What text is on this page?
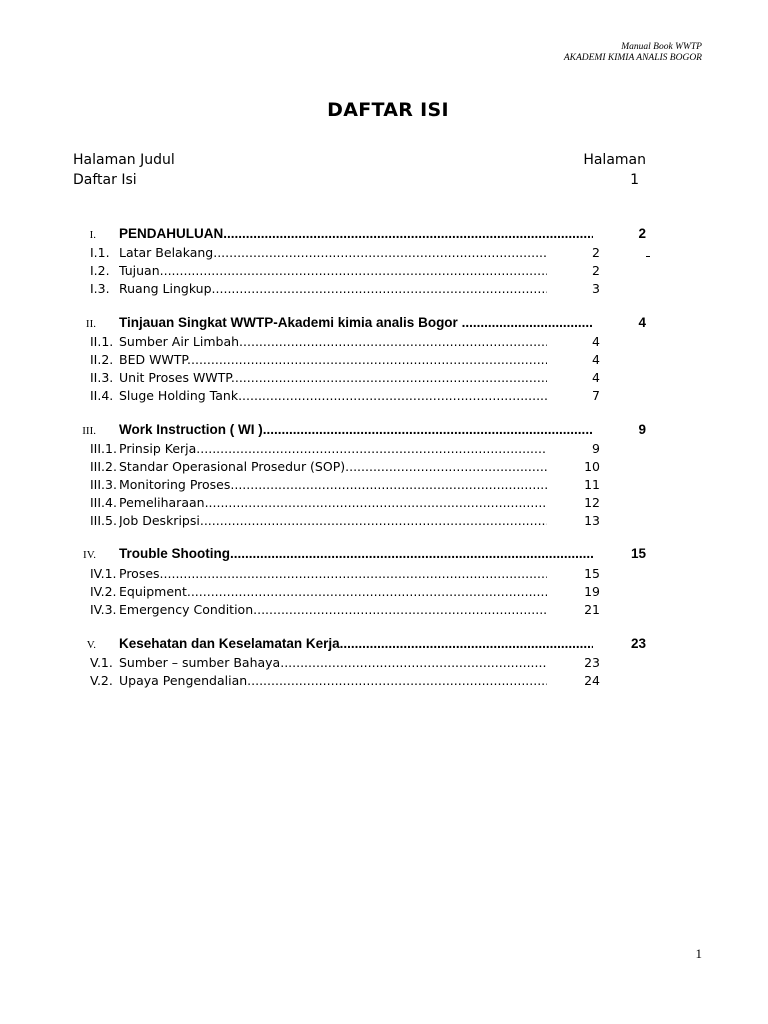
Manual Book WWTP
AKADEMI KIMIA ANALIS BOGOR
DAFTAR ISI
Halaman Judul	Halaman
Daftar Isi	1
I. PENDAHULUAN .....	2
I.1. Latar Belakang .....	2
I.2. Tujuan .....	2
I.3. Ruang Lingkup .....	3
II. Tinjauan Singkat WWTP-Akademi kimia analis Bogor .....	4
II.1. Sumber Air Limbah .....	4
II.2. BED WWTP .....	4
II.3. Unit Proses WWTP .....	4
II.4. Sluge Holding Tank .....	7
III. Work Instruction ( WI ) .....	9
III.1. Prinsip Kerja .....	9
III.2. Standar Operasional Prosedur (SOP) .....	10
III.3. Monitoring Proses .....	11
III.4. Pemeliharaan .....	12
III.5. Job Deskripsi .....	13
IV. Trouble Shooting .....	15
IV.1. Proses .....	15
IV.2. Equipment .....	19
IV.3. Emergency Condition .....	21
V. Kesehatan dan Keselamatan Kerja .....	23
V.1. Sumber – sumber Bahaya .....	23
V.2. Upaya Pengendalian .....	24
1
